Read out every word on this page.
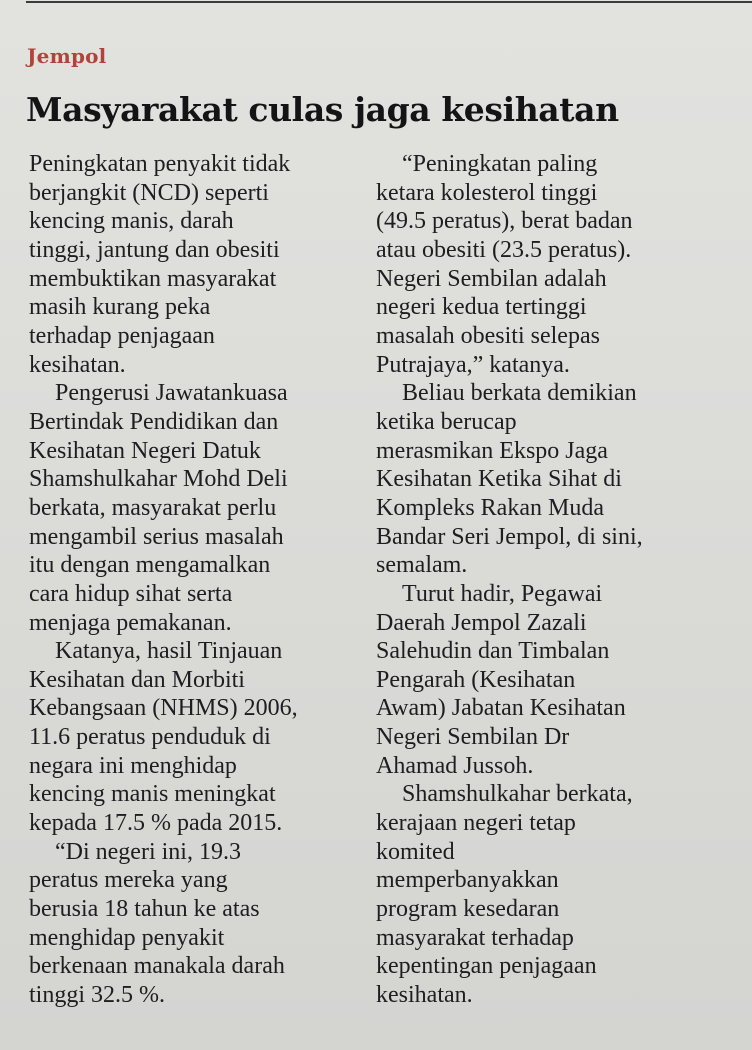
Jempol
Masyarakat culas jaga kesihatan

Peningkatan penyakit tidak
berjangkit (NCD) seperti
kencing manis, darah
tinggi, jantung dan obesiti
membuktikan masyarakat
masih kurang peka
terhadap penjagaan
kesihatan.

Pengerusi Jawatankuasa
Bertindak Pendidikan dan
Kesihatan Negeri Datuk
Shamshulkahar Mohd Deli
berkata, masyarakat perlu
mengambil serius masalah
itu dengan mengamalkan
cara hidup sihat serta
menjaga pemakanan.

Katanya, hasil Tinjauan
Kesihatan dan Morbiti
Kebangsaan (NHMS) 2006,
11.6 peratus penduduk di
negara ini menghidap
kencing manis meningkat
kepada 17.5 % pada 2015.

“Di negeri ini, 19.3
peratus mereka yang
berusia 18 tahun ke atas
menghidap penyakit
berkenaan manakala darah
tinggi 32.5 %.

“Peningkatan paling
ketara kolesterol tinggi
(49.5 peratus), berat badan
atau obesiti (23.5 peratus).
Negeri Sembilan adalah
negeri kedua tertinggi
masalah obesiti selepas
Putrajaya,” katanya.

Beliau berkata demikian
ketika berucap
merasmikan Ekspo Jaga
Kesihatan Ketika Sihat di
Kompleks Rakan Muda
Bandar Seri Jempol, di sini,
semalam.

Turut hadir, Pegawai
Daerah Jempol Zazali
Salehudin dan Timbalan
Pengarah (Kesihatan
Awam) Jabatan Kesihatan
Negeri Sembilan Dr
Ahamad Jussoh.

Shamshulkahar berkata,
kerajaan negeri tetap
komited
memperbanyakkan
program kesedaran
masyarakat terhadap
kepentingan penjagaan
kesihatan.
